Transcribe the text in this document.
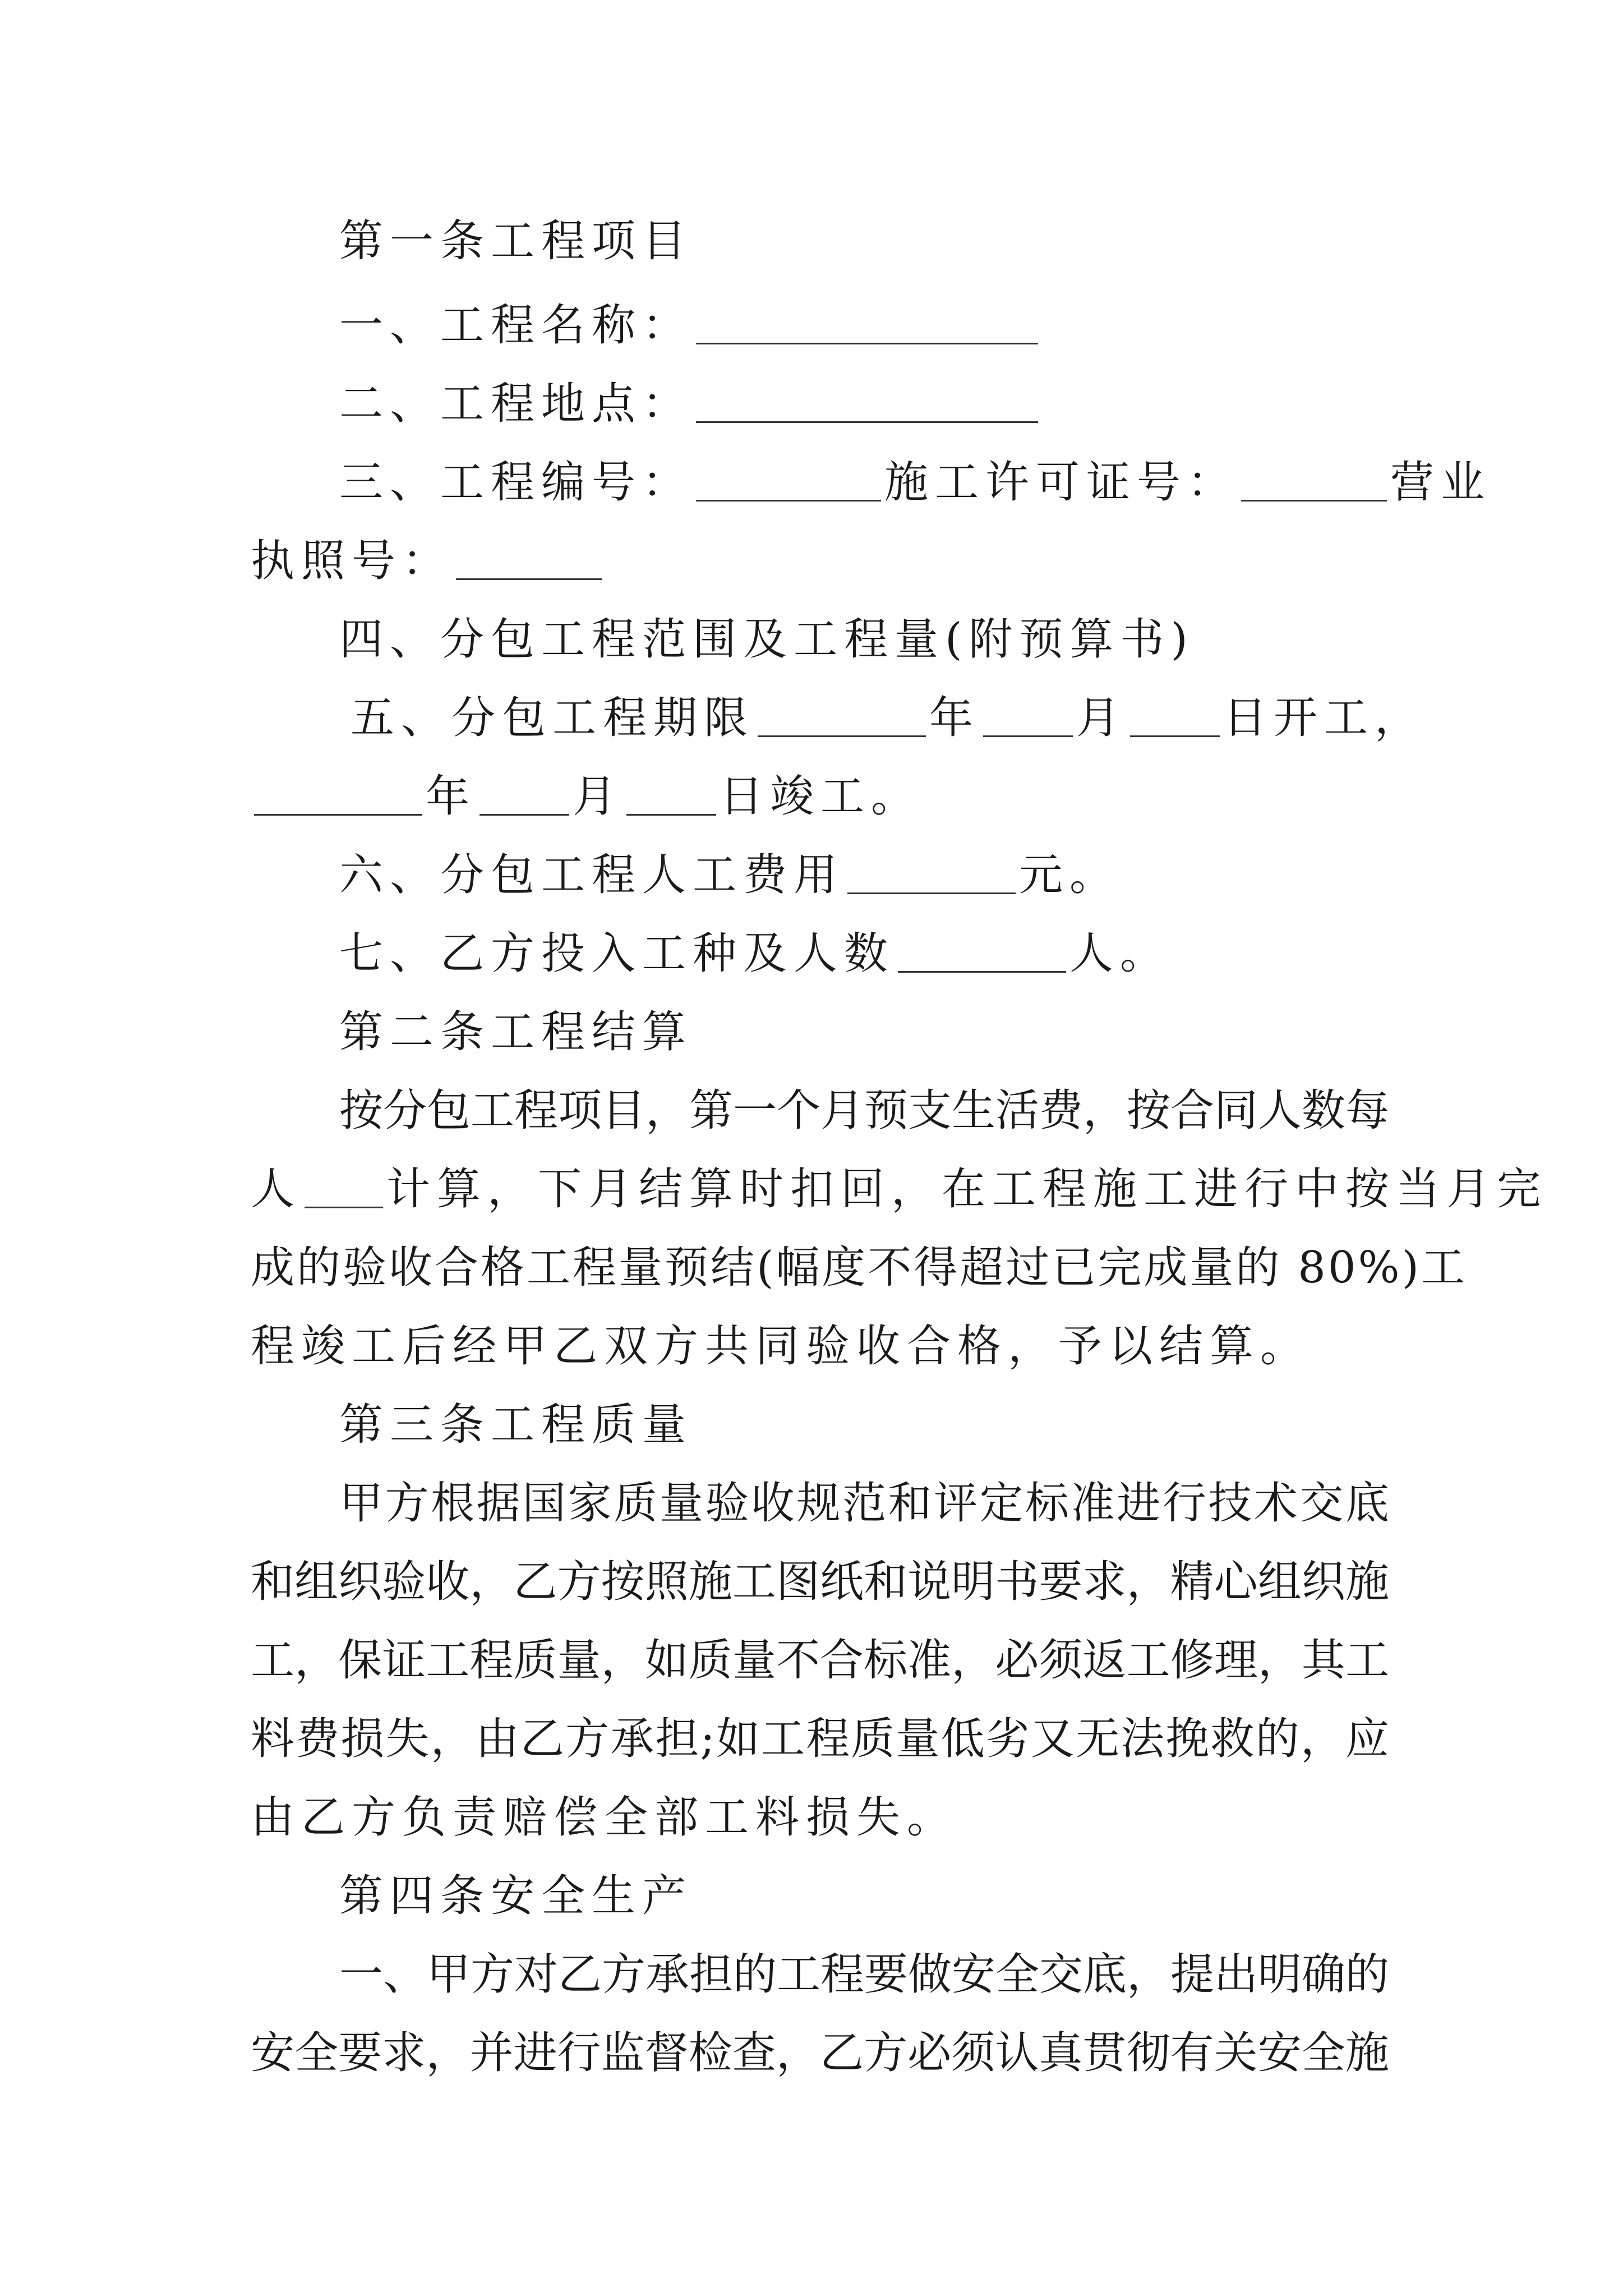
第一条工程项目
一、工程名称：
二、工程地点：
三、工程编号：	施工许可证号：	营业
执照号：
四、分包工程范围及工程量(附预算书)
五、分包工程期限	年 月 日开工，
年 月 日竣工。
六、分包工程人工费用	元。
七、乙方投入工种及人数	人。
第二条工程结算
按分包工程项目，第一个月预支生活费，按合同人数每
人 计算，下月结算时扣回，在工程施工进行中按当月完
成的验收合格工程量预结(幅度不得超过已完成量的 80%)工
程竣工后经甲乙双方共同验收合格，予以结算。
第三条工程质量
甲方根据国家质量验收规范和评定标准进行技术交底
和组织验收，乙方按照施工图纸和说明书要求，精心组织施
工，保证工程质量，如质量不合标准，必须返工修理，其工
料费损失，由乙方承担;如工程质量低劣又无法挽救的，应
由乙方负责赔偿全部工料损失。
第四条安全生产
一、甲方对乙方承担的工程要做安全交底，提出明确的
安全要求，并进行监督检查，乙方必须认真贯彻有关安全施
